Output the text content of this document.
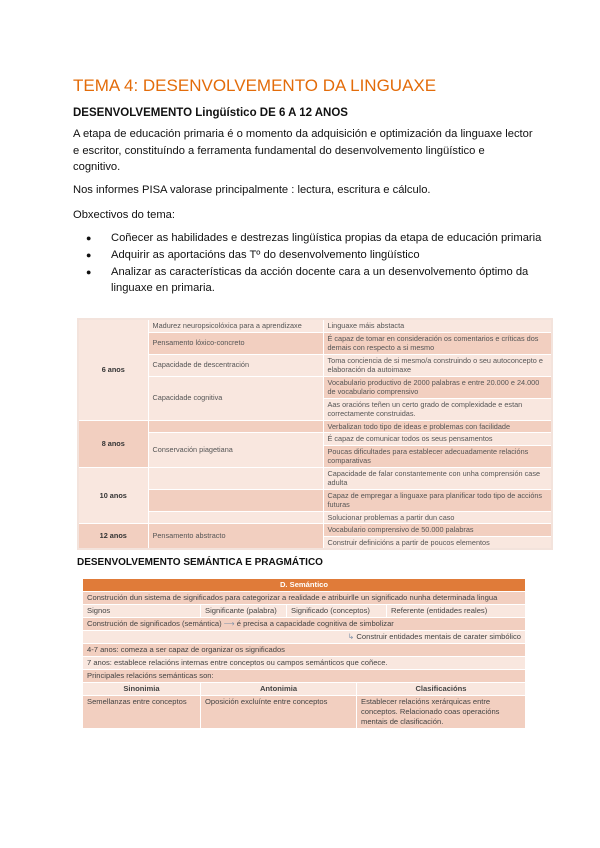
TEMA 4: DESENVOLVEMENTO DA LINGUAXE
DESENVOLVEMENTO Lingüístico DE 6 A 12 ANOS
A etapa de educación primaria é o momento da adquisición e optimización da linguaxe lector e escritor, constituíndo a ferramenta fundamental do desenvolvemento lingüístico e cognitivo.
Nos informes PISA valorase principalmente : lectura, escritura e cálculo.
Obxectivos do tema:
● Coñecer as habilidades e destrezas lingüística propias da etapa de educación primaria
● Adquirir as aportacións das Tº do desenvolvemento lingüístico
● Analizar as características da acción docente cara a un desenvolvemento óptimo da linguaxe en primaria.
6 anos	Madurez neuropsicolóxica para a aprendizaxe	Linguaxe máis abstacta
	Pensamento lóxico-concreto	É capaz de tomar en consideración os comentarios e críticas dos demais con respecto a si mesmo
	Capacidade de descentración	Toma conciencia de si mesmo/a construindo o seu autoconcepto e elaboración da autoimaxe
	Capacidade cognitiva	Vocabulario productivo de 2000 palabras e entre 20.000 e 24.000 de vocabulario comprensivo
		Aas oracións teñen un certo grado de complexidade e estan correctamente construidas.
8 anos		Verbalizan todo tipo de ideas e problemas con facilidade
	Conservación piagetiana	É capaz de comunicar todos os seus pensamentos
		Poucas dificultades para establecer adecuadamente relacións comparativas
10 anos		Capacidade de falar constantemente con unha comprensión case adulta
		Capaz de empregar a linguaxe para planificar todo tipo de accións futuras
		Solucionar problemas a partir dun caso
12 anos	Pensamento abstracto	Vocabulario comprensivo de 50.000 palabras
		Construir definicións a partir de poucos elementos
DESENVOLVEMENTO SEMÁNTICA E PRAGMÁTICO
D. Semántico				
Construción dun sistema de significados para categorizar a realidade e atribuirlle un significado nunha determinada lingua				
Signos	Significante (palabra)	Significado (conceptos)		Referente (entidades reales)
Construción de significados (semántica) ⟶ é precisa a capacidade cognitiva de simbolizar				
↳ Construir entidades mentais de carater simbólico				
4-7 anos: comeza a ser capaz de organizar os significados				
7 anos: establece relacións internas entre conceptos ou campos semánticos que coñece.				
Principales relacións semánticas son:				
Sinonimia	Antonimia		Clasificacións	
Semellanzas entre conceptos	Oposición excluínte entre conceptos		Establecer relacións xerárquicas entre conceptos. Relacionado coas operacións mentais de clasificación.	
